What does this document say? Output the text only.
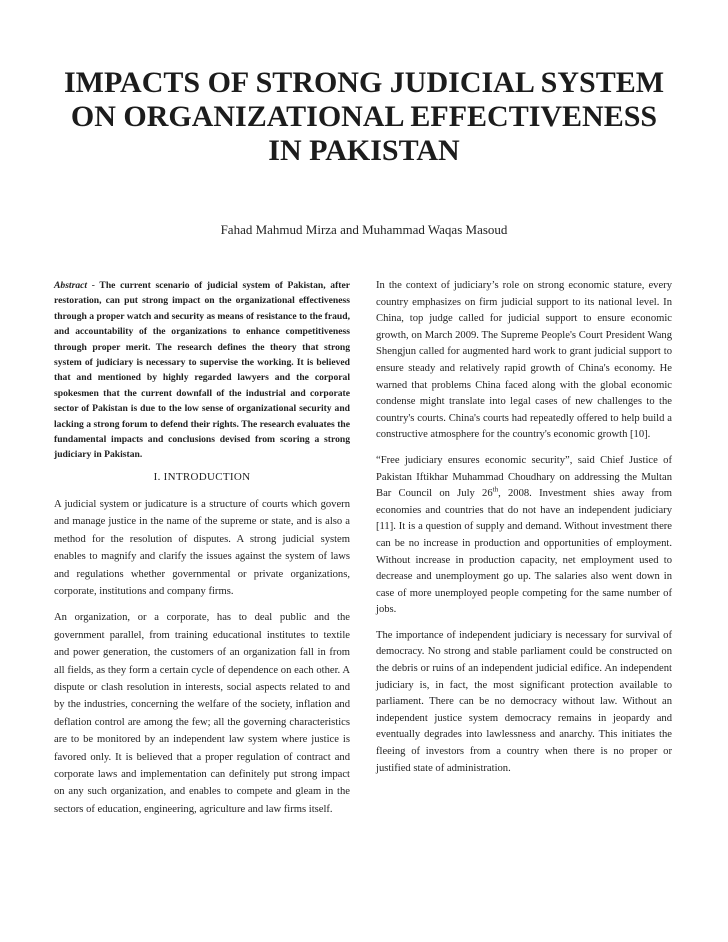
IMPACTS OF STRONG JUDICIAL SYSTEM
ON ORGANIZATIONAL EFFECTIVENESS
IN PAKISTAN
Fahad Mahmud Mirza and Muhammad Waqas Masoud

Abstract - The current scenario of judicial system of Pakistan, after restoration, can put strong impact on the organizational effectiveness through a proper watch and security as means of resistance to the fraud, and accountability of the organizations to enhance competitiveness through proper merit. The research defines the theory that strong system of judiciary is necessary to supervise the working. It is believed that and mentioned by highly regarded lawyers and the corporal spokesmen that the current downfall of the industrial and corporate sector of Pakistan is due to the low sense of organizational security and lacking a strong forum to defend their rights. The research evaluates the fundamental impacts and conclusions devised from scoring a strong judiciary in Pakistan.

I. INTRODUCTION

A judicial system or judicature is a structure of courts which govern and manage justice in the name of the supreme or state, and is also a method for the resolution of disputes. A strong judicial system enables to magnify and clarify the issues against the system of laws and regulations whether governmental or private organizations, corporate, institutions and company firms.

An organization, or a corporate, has to deal public and the government parallel, from training educational institutes to textile and power generation, the customers of an organization fall in from all fields, as they form a certain cycle of dependence on each other. A dispute or clash resolution in interests, social aspects related to and by the industries, concerning the welfare of the society, inflation and deflation control are among the few; all the governing characteristics are to be monitored by an independent law system where justice is favored only. It is believed that a proper regulation of contract and corporate laws and implementation can definitely put strong impact on any such organization, and enables to compete and gleam in the sectors of education, engineering, agriculture and law firms itself.

In the context of judiciary’s role on strong economic stature, every country emphasizes on firm judicial support to its national level. In China, top judge called for judicial support to ensure economic growth, on March 2009. The Supreme People's Court President Wang Shengjun called for augmented hard work to grant judicial support to ensure steady and relatively rapid growth of China's economy. He warned that problems China faced along with the global economic condense might translate into legal cases of new challenges to the country's courts. China's courts had repeatedly offered to help build a constructive atmosphere for the country's economic growth [10].

“Free judiciary ensures economic security”, said Chief Justice of Pakistan Iftikhar Muhammad Choudhary on addressing the Multan Bar Council on July 26th, 2008. Investment shies away from economies and countries that do not have an independent judiciary [11]. It is a question of supply and demand. Without investment there can be no increase in production and opportunities of employment. Without increase in production capacity, net employment used to decrease and unemployment go up. The salaries also went down in case of more unemployed people competing for the same number of jobs.

The importance of independent judiciary is necessary for survival of democracy. No strong and stable parliament could be constructed on the debris or ruins of an independent judicial edifice. An independent judiciary is, in fact, the most significant protection available to parliament. There can be no democracy without law. Without an independent justice system democracy remains in jeopardy and eventually degrades into lawlessness and anarchy. This initiates the fleeing of investors from a country when there is no proper or justified state of administration.
